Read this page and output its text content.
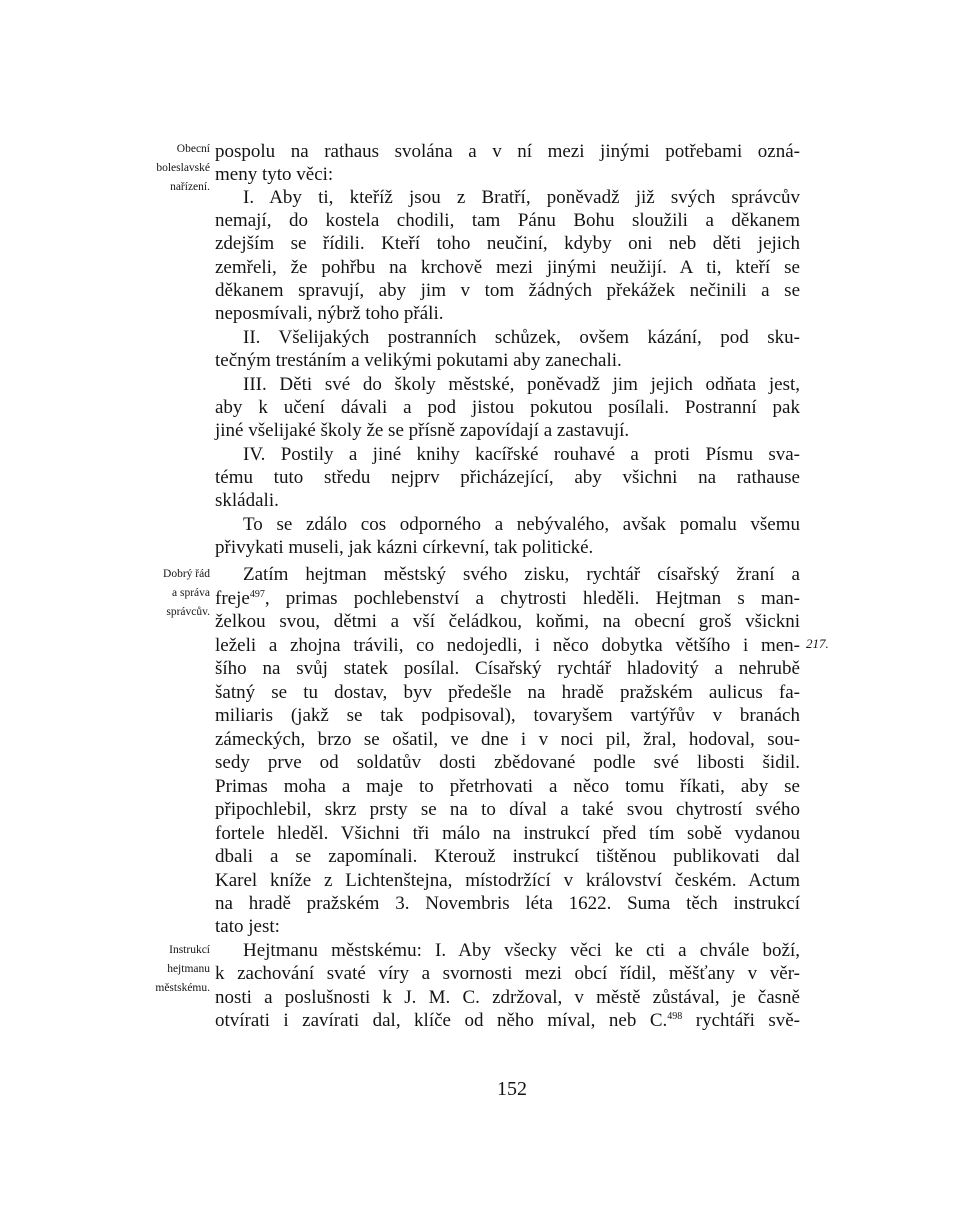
Obecní
boleslavské
nařízení.
Dobrý řád
a správa
správcův.
Instrukcí
hejtmanu
městskému.
217.
pospolu na rathaus svolána a v ní mezi jinými potřebami ozná-
meny tyto věci:
I. Aby ti, kteříž jsou z Bratří, poněvadž již svých správcův
nemají, do kostela chodili, tam Pánu Bohu sloužili a děkanem
zdejším se řídili. Kteří toho neučiní, kdyby oni neb děti jejich
zemřeli, že pohřbu na krchově mezi jinými neužijí. A ti, kteří se
děkanem spravují, aby jim v tom žádných překážek nečinili a se
neposmívali, nýbrž toho přáli.
II. Všelijakých postranních schůzek, ovšem kázání, pod sku-
tečným trestáním a velikými pokutami aby zanechali.
III. Děti své do školy městské, poněvadž jim jejich odňata jest,
aby k učení dávali a pod jistou pokutou posílali. Postranní pak
jiné všelijaké školy že se přísně zapovídají a zastavují.
IV. Postily a jiné knihy kacířské rouhavé a proti Písmu sva-
tému tuto středu nejprv přicházející, aby všichni na rathause
skládali.
To se zdálo cos odporného a nebývalého, avšak pomalu všemu
přivykati museli, jak kázni církevní, tak politické.
Zatím hejtman městský svého zisku, rychtář císařský žraní a
freje$^{497}$, primas pochlebenství a chytrosti hleděli. Hejtman s man-
želkou svou, dětmi a vší čeládkou, koňmi, na obecní groš všickni
leželi a zhojna trávili, co nedojedli, i něco dobytka většího i men-
šího na svůj statek posílal. Císařský rychtář hladovitý a nehrubě
šatný se tu dostav, byv předešle na hradě pražském aulicus fa-
miliaris (jakž se tak podpisoval), tovaryšem vartýřův v branách
zámeckých, brzo se ošatil, ve dne i v noci pil, žral, hodoval, sou-
sedy prve od soldatův dosti zbědované podle své libosti šidil.
Primas moha a maje to přetrhovati a něco tomu říkati, aby se
připochlebil, skrz prsty se na to díval a také svou chytrostí svého
fortele hleděl. Všichni tři málo na instrukcí před tím sobě vydanou
dbali a se zapomínali. Kterouž instrukcí tištěnou publikovati dal
Karel kníže z Lichtenštejna, místodržící v království českém. Actum
na hradě pražském 3. Novembris léta 1622. Suma těch instrukcí
tato jest:
Hejtmanu městskému: I. Aby všecky věci ke cti a chvále boží,
k zachování svaté víry a svornosti mezi obcí řídil, měšťany v věr-
nosti a poslušnosti k J. M. C. zdržoval, v městě zůstával, je časně
otvírati i zavírati dal, klíče od něho míval, neb C.$^{498}$ rychtáři svě-
152
